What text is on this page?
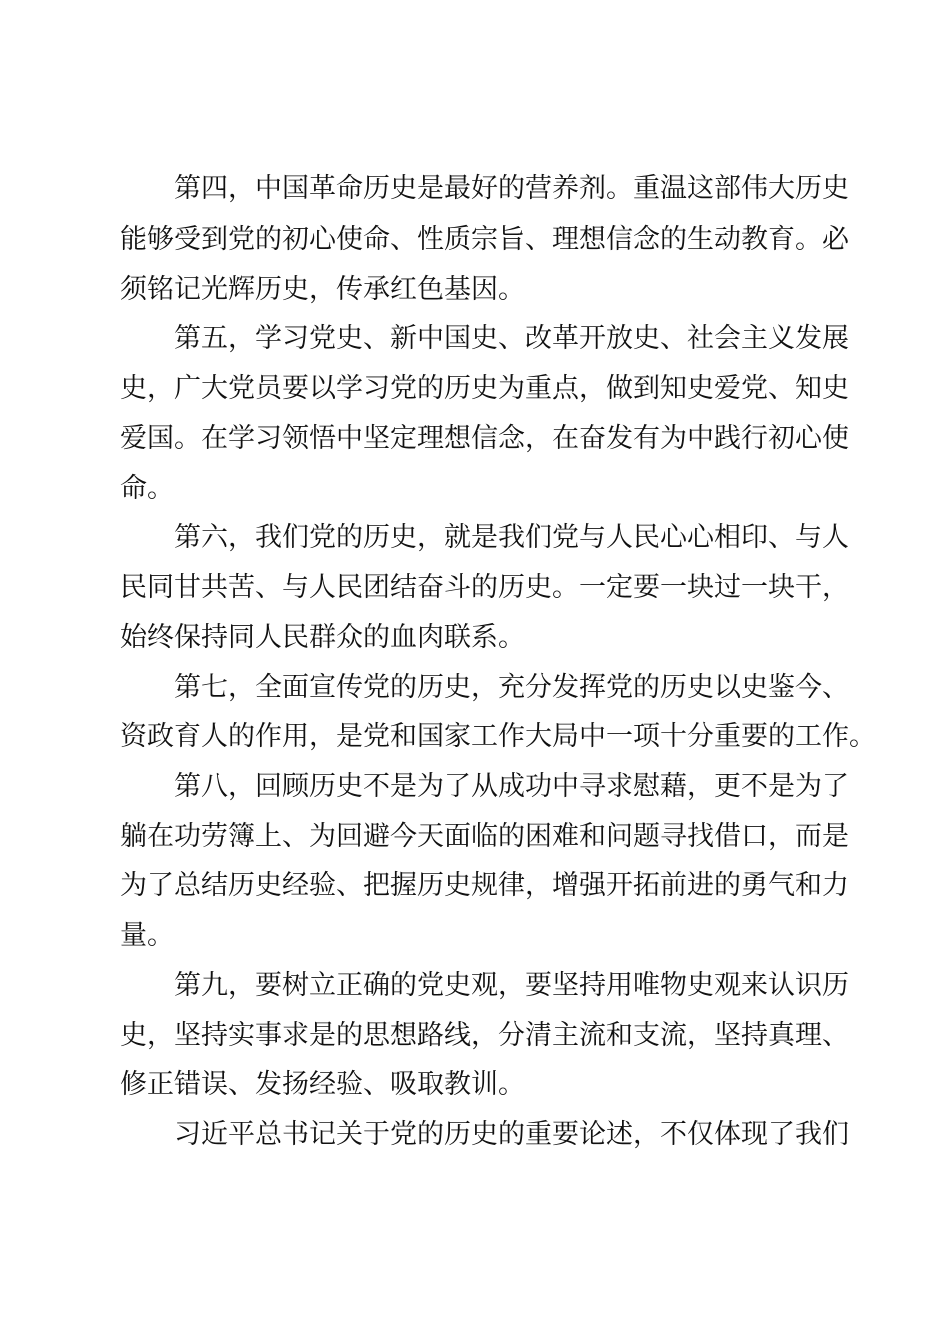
第四，中国革命历史是最好的营养剂。重温这部伟大历史
能够受到党的初心使命、性质宗旨、理想信念的生动教育。必
须铭记光辉历史，传承红色基因。
第五，学习党史、新中国史、改革开放史、社会主义发展
史，广大党员要以学习党的历史为重点，做到知史爱党、知史
爱国。在学习领悟中坚定理想信念，在奋发有为中践行初心使
命。
第六，我们党的历史，就是我们党与人民心心相印、与人
民同甘共苦、与人民团结奋斗的历史。一定要一块过一块干，
始终保持同人民群众的血肉联系。
第七，全面宣传党的历史，充分发挥党的历史以史鉴今、
资政育人的作用，是党和国家工作大局中一项十分重要的工作。
第八，回顾历史不是为了从成功中寻求慰藉，更不是为了
躺在功劳簿上、为回避今天面临的困难和问题寻找借口，而是
为了总结历史经验、把握历史规律，增强开拓前进的勇气和力
量。
第九，要树立正确的党史观，要坚持用唯物史观来认识历
史，坚持实事求是的思想路线，分清主流和支流，坚持真理、
修正错误、发扬经验、吸取教训。
习近平总书记关于党的历史的重要论述，不仅体现了我们
